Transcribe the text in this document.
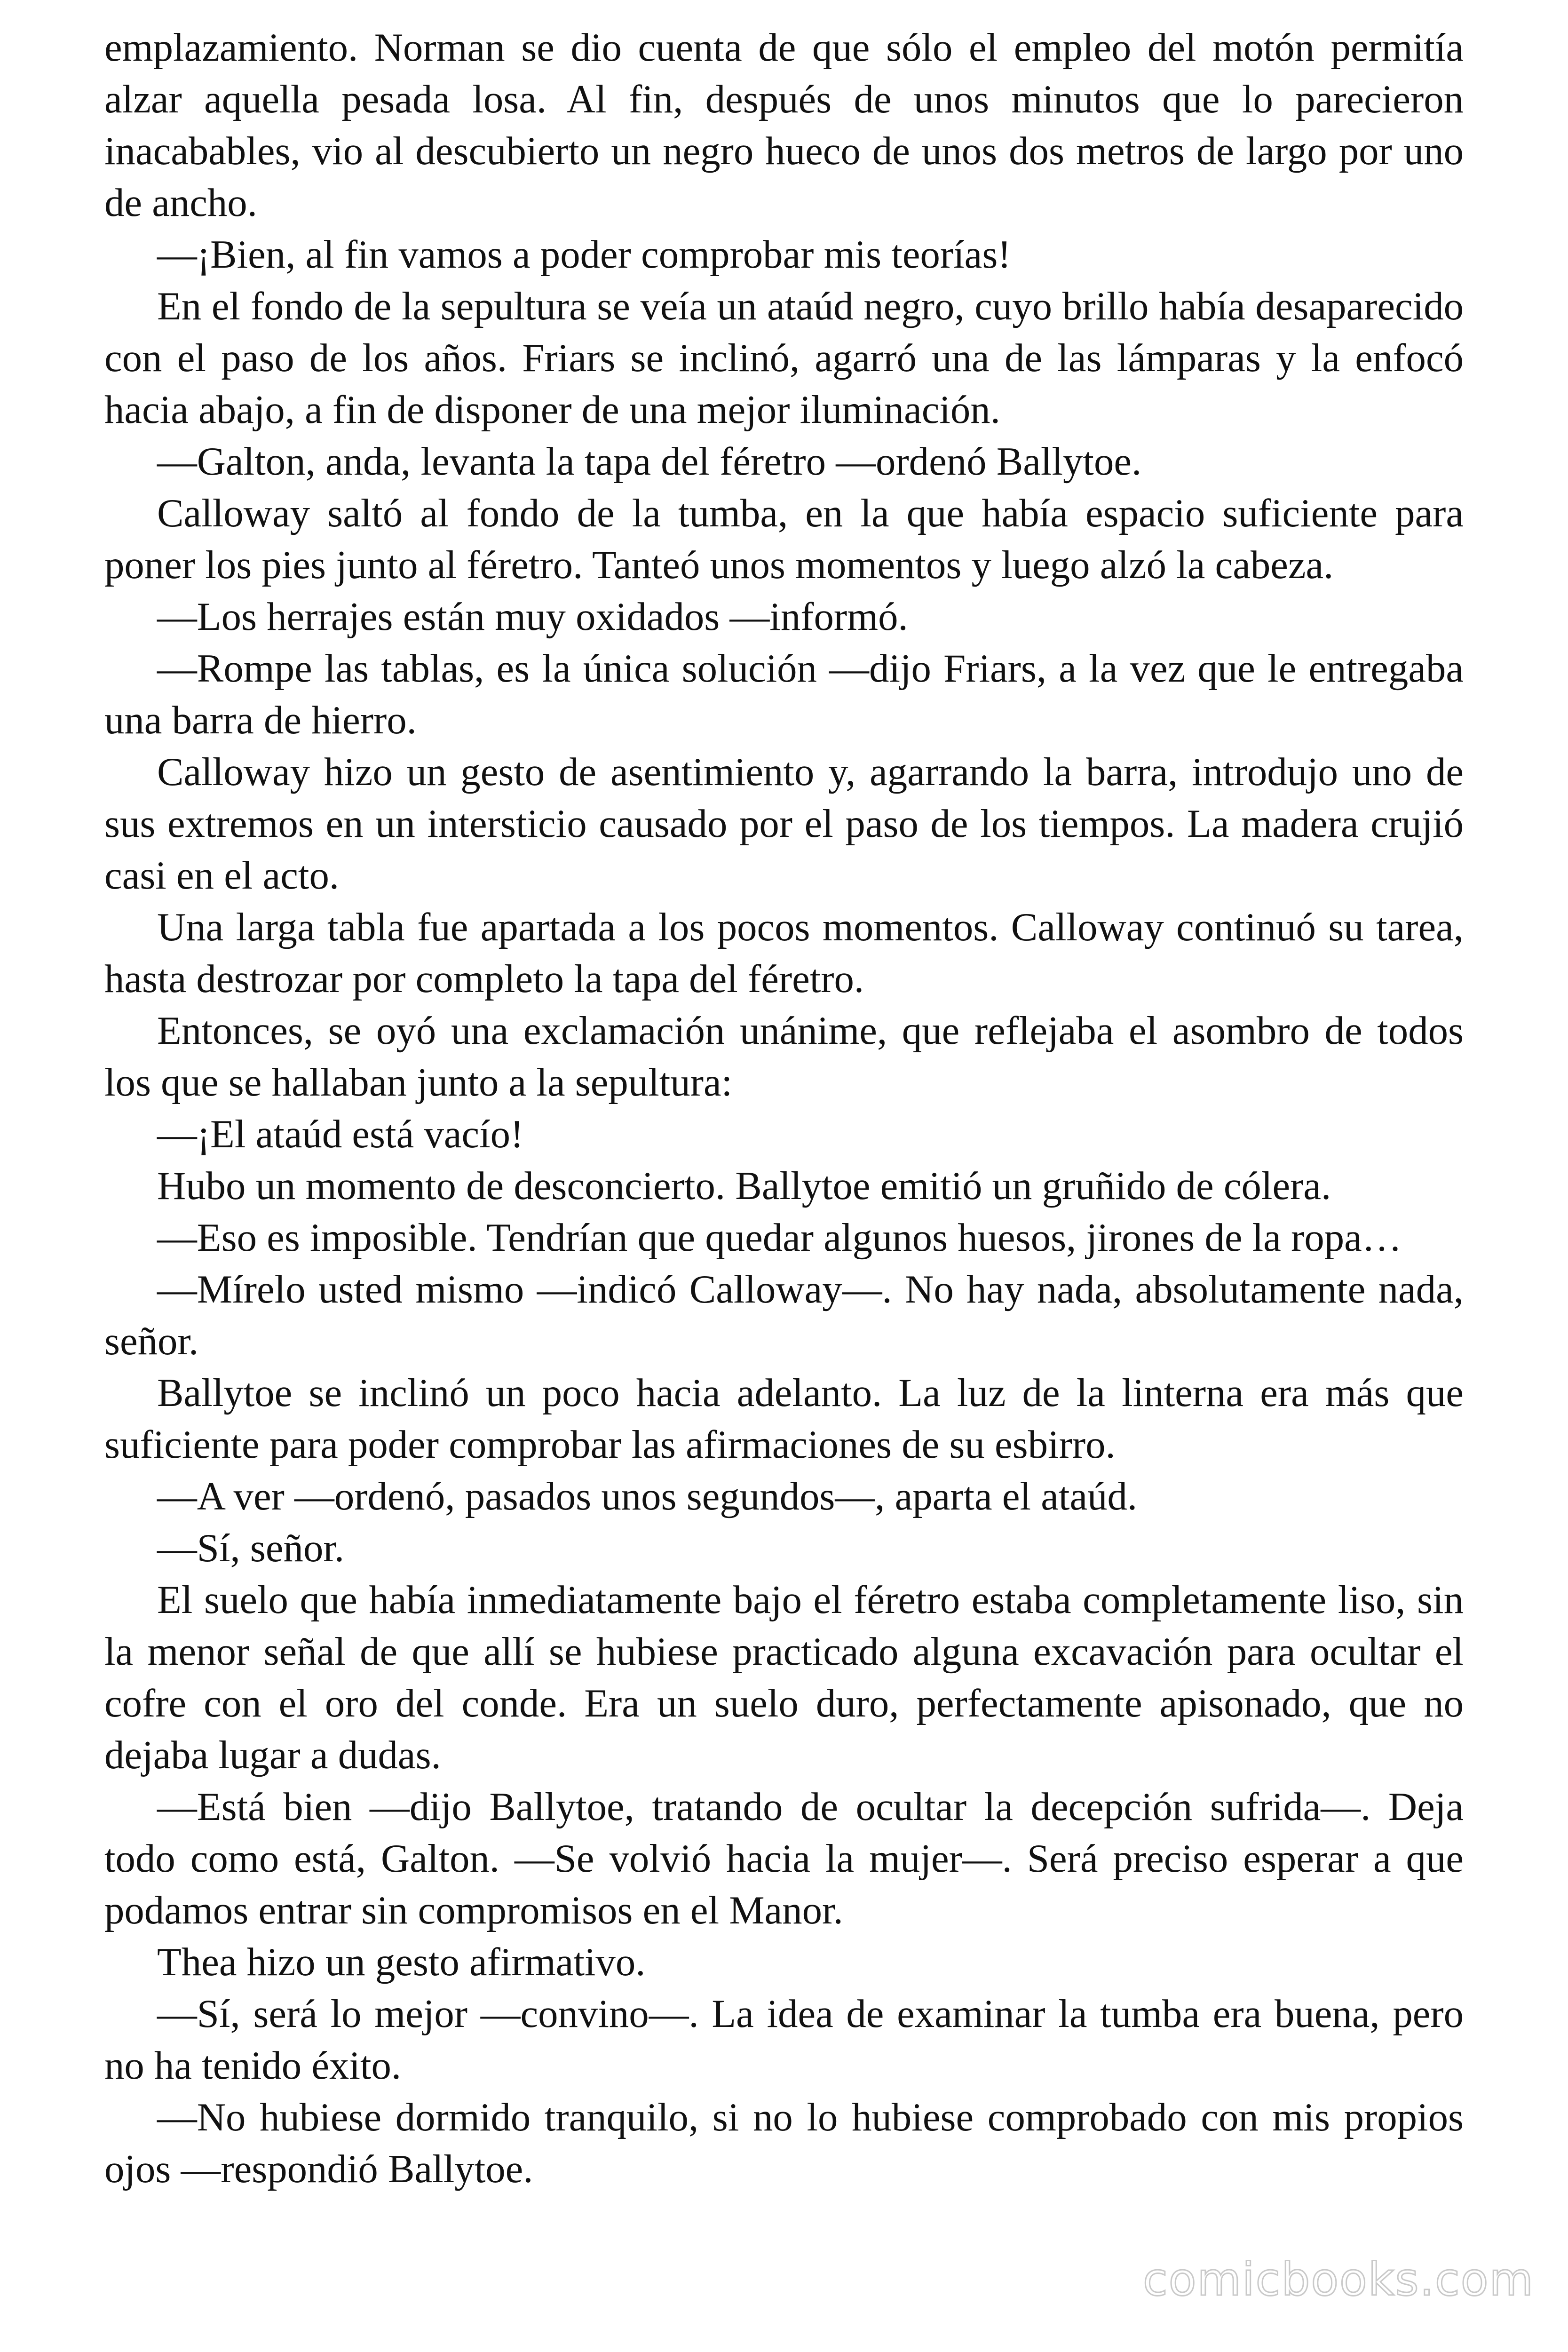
emplazamiento. Norman se dio cuenta de que sólo el empleo del motón permitía alzar aquella pesada losa. Al fin, después de unos minutos que lo parecieron inacabables, vio al descubierto un negro hueco de unos dos metros de largo por uno de ancho.

—¡Bien, al fin vamos a poder comprobar mis teorías!

En el fondo de la sepultura se veía un ataúd negro, cuyo brillo había desaparecido con el paso de los años. Friars se inclinó, agarró una de las lámparas y la enfocó hacia abajo, a fin de disponer de una mejor iluminación.

—Galton, anda, levanta la tapa del féretro —ordenó Ballytoe.

Calloway saltó al fondo de la tumba, en la que había espacio suficiente para poner los pies junto al féretro. Tanteó unos momentos y luego alzó la cabeza.

—Los herrajes están muy oxidados —informó.

—Rompe las tablas, es la única solución —dijo Friars, a la vez que le entregaba una barra de hierro.

Calloway hizo un gesto de asentimiento y, agarrando la barra, introdujo uno de sus extremos en un intersticio causado por el paso de los tiempos. La madera crujió casi en el acto.

Una larga tabla fue apartada a los pocos momentos. Calloway continuó su tarea, hasta destrozar por completo la tapa del féretro.

Entonces, se oyó una exclamación unánime, que reflejaba el asombro de todos los que se hallaban junto a la sepultura:

—¡El ataúd está vacío!

Hubo un momento de desconcierto. Ballytoe emitió un gruñido de cólera.

—Eso es imposible. Tendrían que quedar algunos huesos, jirones de la ropa…

—Mírelo usted mismo —indicó Calloway—. No hay nada, absolutamente nada, señor.

Ballytoe se inclinó un poco hacia adelanto. La luz de la linterna era más que suficiente para poder comprobar las afirmaciones de su esbirro.

—A ver —ordenó, pasados unos segundos—, aparta el ataúd.

—Sí, señor.

El suelo que había inmediatamente bajo el féretro estaba completamente liso, sin la menor señal de que allí se hubiese practicado alguna excavación para ocultar el cofre con el oro del conde. Era un suelo duro, perfectamente apisonado, que no dejaba lugar a dudas.

—Está bien —dijo Ballytoe, tratando de ocultar la decepción sufrida—. Deja todo como está, Galton. —Se volvió hacia la mujer—. Será preciso esperar a que podamos entrar sin compromisos en el Manor.

Thea hizo un gesto afirmativo.

—Sí, será lo mejor —convino—. La idea de examinar la tumba era buena, pero no ha tenido éxito.

—No hubiese dormido tranquilo, si no lo hubiese comprobado con mis propios ojos —respondió Ballytoe.

comicbooks.com
